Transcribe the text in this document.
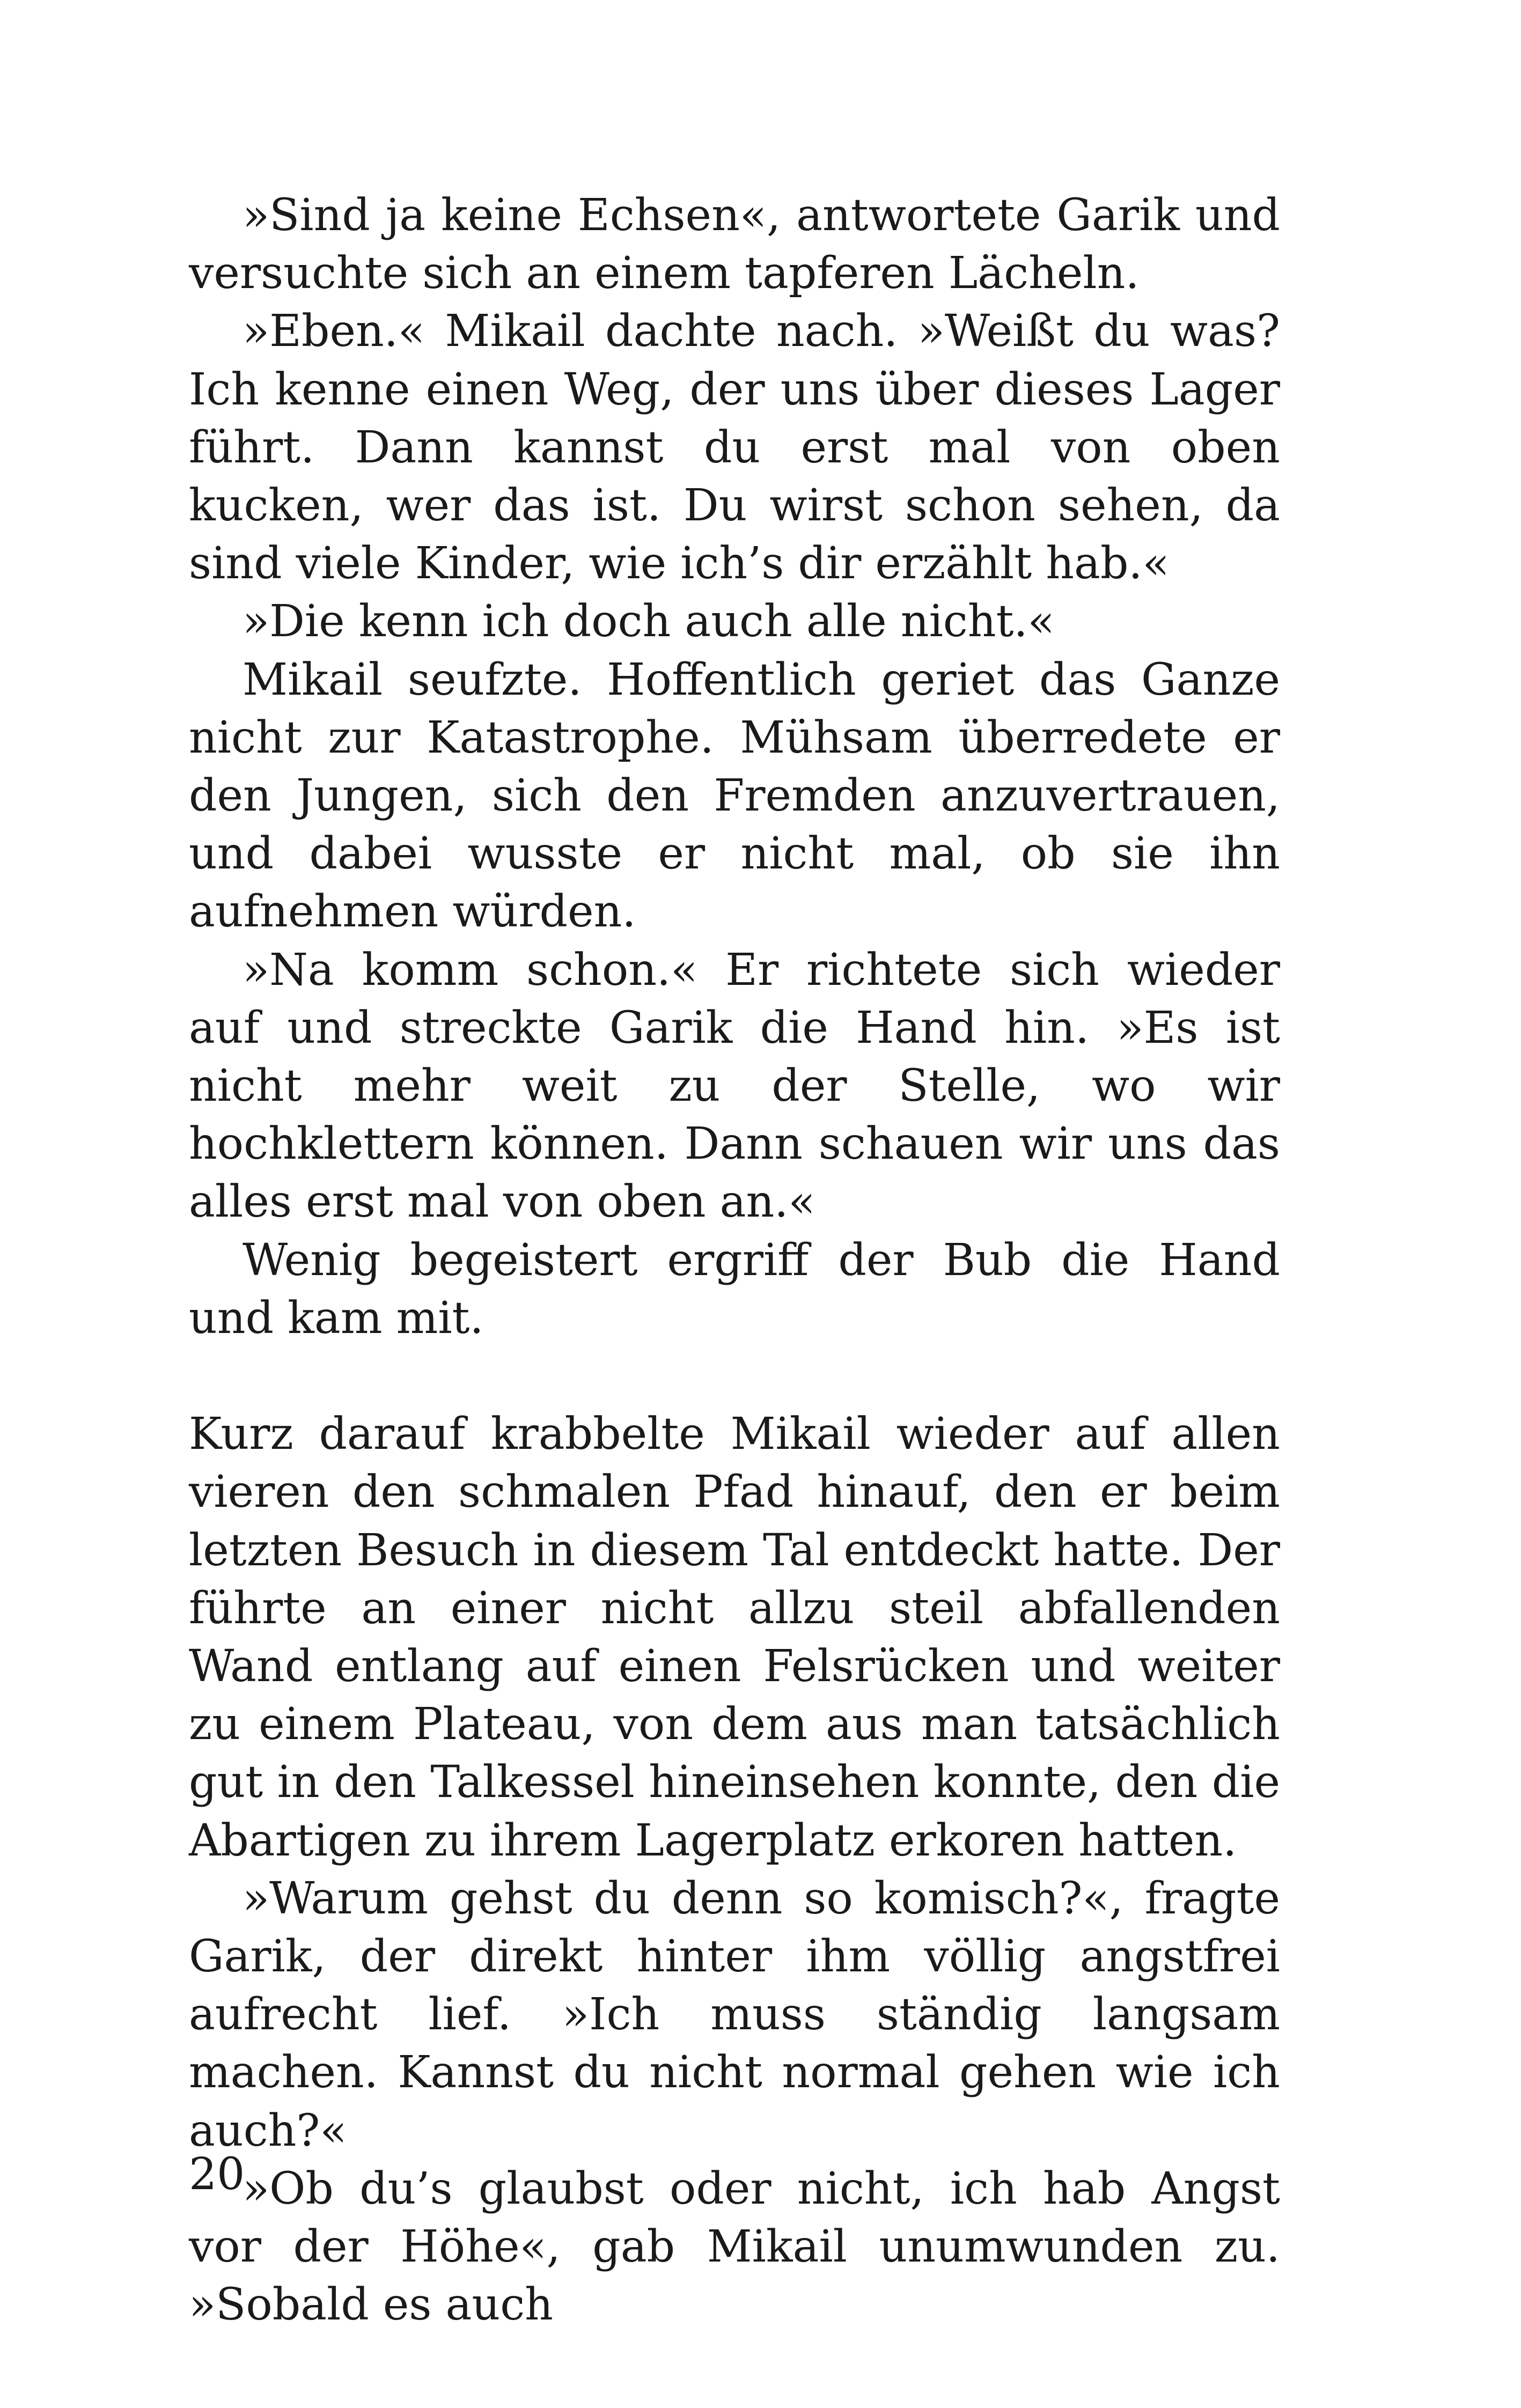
»Sind ja keine Echsen«, antwortete Garik und versuchte sich an einem tapferen Lächeln.

»Eben.« Mikail dachte nach. »Weißt du was? Ich kenne einen Weg, der uns über dieses Lager führt. Dann kannst du erst mal von oben kucken, wer das ist. Du wirst schon sehen, da sind viele Kinder, wie ich’s dir erzählt hab.«

»Die kenn ich doch auch alle nicht.«

Mikail seufzte. Hoffentlich geriet das Ganze nicht zur Katastrophe. Mühsam überredete er den Jungen, sich den Fremden anzuvertrauen, und dabei wusste er nicht mal, ob sie ihn aufnehmen würden.

»Na komm schon.« Er richtete sich wieder auf und streckte Garik die Hand hin. »Es ist nicht mehr weit zu der Stelle, wo wir hochklettern können. Dann schauen wir uns das alles erst mal von oben an.«

Wenig begeistert ergriff der Bub die Hand und kam mit.

Kurz darauf krabbelte Mikail wieder auf allen vieren den schmalen Pfad hinauf, den er beim letzten Besuch in diesem Tal entdeckt hatte. Der führte an einer nicht allzu steil abfallenden Wand entlang auf einen Felsrücken und weiter zu einem Plateau, von dem aus man tatsächlich gut in den Talkessel hineinsehen konnte, den die Abartigen zu ihrem Lagerplatz erkoren hatten.

»Warum gehst du denn so komisch?«, fragte Garik, der direkt hinter ihm völlig angstfrei aufrecht lief. »Ich muss ständig langsam machen. Kannst du nicht normal gehen wie ich auch?«

»Ob du’s glaubst oder nicht, ich hab Angst vor der Höhe«, gab Mikail unumwunden zu. »Sobald es auch

20
